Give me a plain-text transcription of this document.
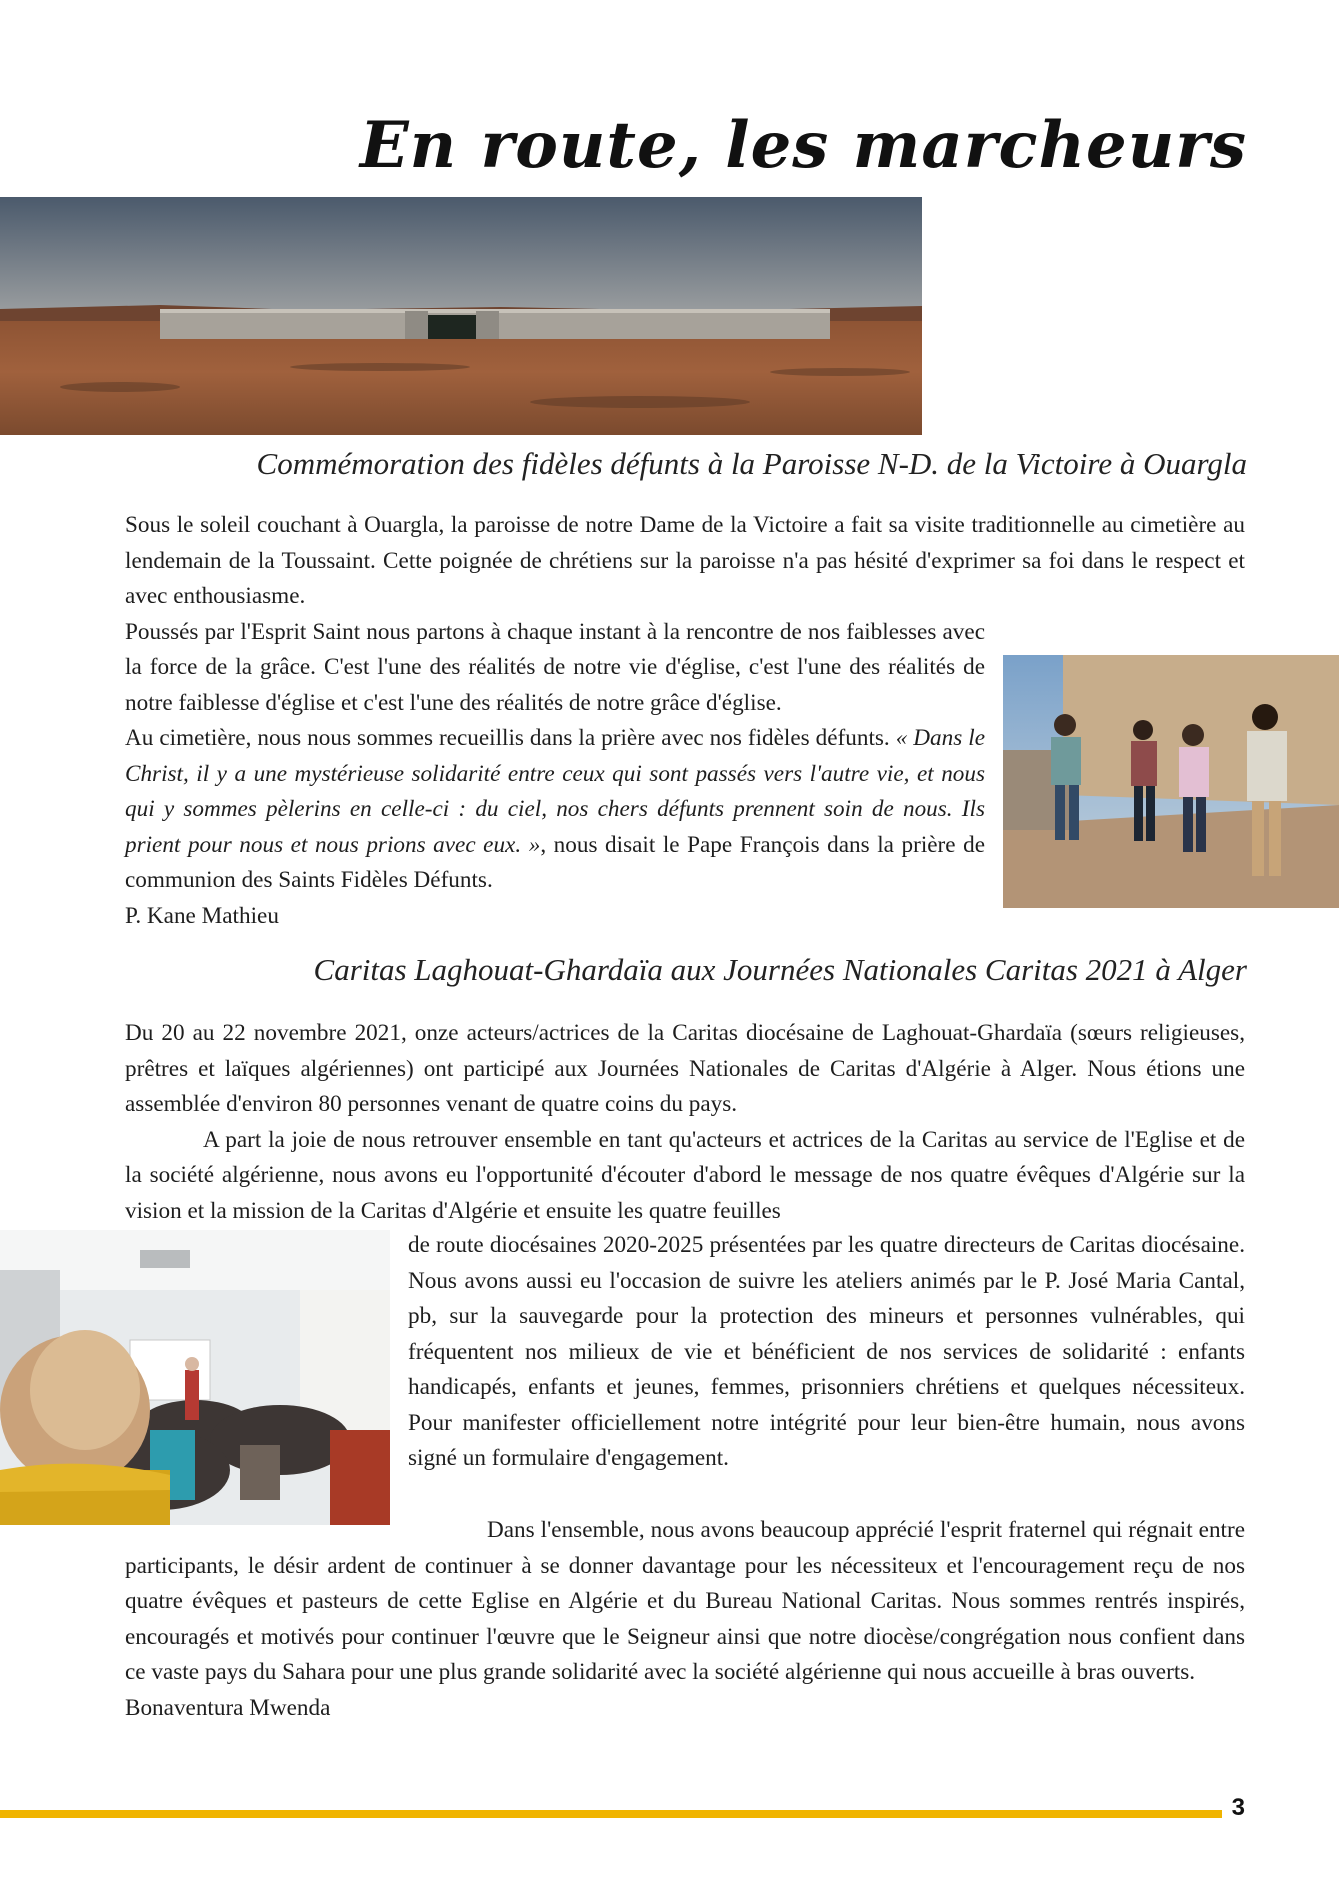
En route, les marcheurs
Commémoration des fidèles défunts à la Paroisse N-D. de la Victoire à Ouargla

Sous le soleil couchant à Ouargla, la paroisse de notre Dame de la Victoire a fait sa visite traditionnelle au cimetière au lendemain de la Toussaint. Cette poignée de chrétiens sur la paroisse n'a pas hésité d'exprimer sa foi dans le respect et avec enthousiasme.

Poussés par l'Esprit Saint nous partons à chaque instant à la rencontre de nos faiblesses avec la force de la grâce. C'est l'une des réalités de notre vie d'église, c'est l'une des réalités de notre faiblesse d'église et c'est l'une des réalités de notre grâce d'église.

Au cimetière, nous nous sommes recueillis dans la prière avec nos fidèles défunts. « Dans le Christ, il y a une mystérieuse solidarité entre ceux qui sont passés vers l'autre vie, et nous qui y sommes pèlerins en celle-ci : du ciel, nos chers défunts prennent soin de nous. Ils prient pour nous et nous prions avec eux. », nous disait le Pape François dans la prière de communion des Saints Fidèles Défunts.

P. Kane Mathieu

Caritas Laghouat-Ghardaïa aux Journées Nationales Caritas 2021 à Alger

Du 20 au 22 novembre 2021, onze acteurs/actrices de la Caritas diocésaine de Laghouat-Ghardaïa (sœurs religieuses, prêtres et laïques algériennes) ont participé aux Journées Nationales de Caritas d'Algérie à Alger. Nous étions une assemblée d'environ 80 personnes venant de quatre coins du pays.

A part la joie de nous retrouver ensemble en tant qu'acteurs et actrices de la Caritas au service de l'Eglise et de la société algérienne, nous avons eu l'opportunité d'écouter d'abord le message de nos quatre évêques d'Algérie sur la vision et la mission de la Caritas d'Algérie et ensuite les quatre feuilles

de route diocésaines 2020-2025 présentées par les quatre directeurs de Caritas diocésaine. Nous avons aussi eu l'occasion de suivre les ateliers animés par le P. José Maria Cantal, pb, sur la sauvegarde pour la protection des mineurs et personnes vulnérables, qui fréquentent nos milieux de vie et bénéficient de nos services de solidarité : enfants handicapés, enfants et jeunes, femmes, prisonniers chrétiens et quelques nécessiteux. Pour manifester officiellement notre intégrité pour leur bien-être humain, nous avons signé un formulaire d'engagement.

Dans l'ensemble, nous avons beaucoup apprécié l'esprit fraternel qui régnait entre participants, le désir ardent de continuer à se donner davantage pour les nécessiteux et l'encouragement reçu de nos quatre évêques et pasteurs de cette Eglise en Algérie et du Bureau National Caritas. Nous sommes rentrés inspirés, encouragés et motivés pour continuer l'œuvre que le Seigneur ainsi que notre diocèse/congrégation nous confient dans ce vaste pays du Sahara pour une plus grande solidarité avec la société algérienne qui nous accueille à bras ouverts.

Bonaventura Mwenda

3
